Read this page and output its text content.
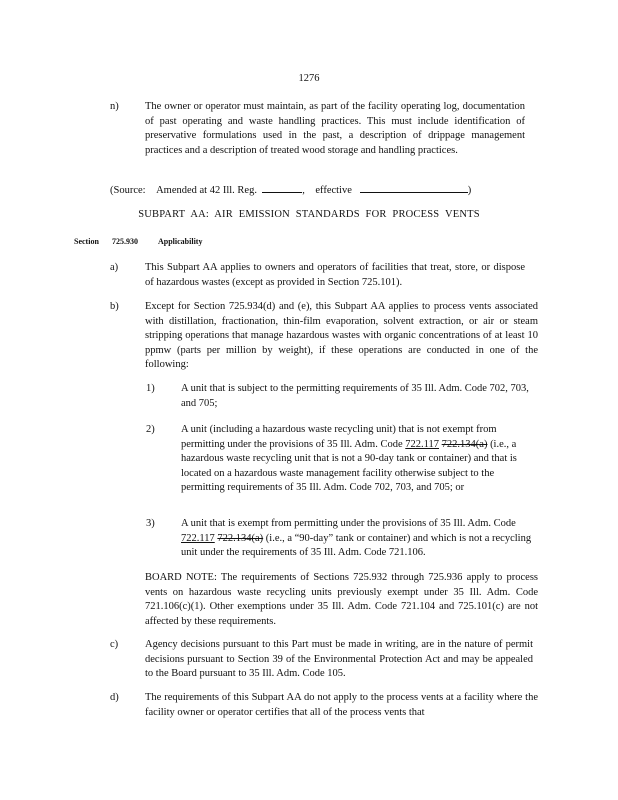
1276
n)	The owner or operator must maintain, as part of the facility operating log, documentation of past operating and waste handling practices. This must include identification of preservative formulations used in the past, a description of drippage management practices and a description of treated wood storage and handling practices.
(Source: Amended at 42 Ill. Reg.	, effective	)
SUBPART AA: AIR EMISSION STANDARDS FOR PROCESS VENTS
Section 725.930	Applicability
a)	This Subpart AA applies to owners and operators of facilities that treat, store, or dispose of hazardous wastes (except as provided in Section 725.101).
b)	Except for Section 725.934(d) and (e), this Subpart AA applies to process vents associated with distillation, fractionation, thin-film evaporation, solvent extraction, or air or steam stripping operations that manage hazardous wastes with organic concentrations of at least 10 ppmw (parts per million by weight), if these operations are conducted in one of the following:
1)	A unit that is subject to the permitting requirements of 35 Ill. Adm. Code 702, 703, and 705;
2)	A unit (including a hazardous waste recycling unit) that is not exempt from permitting under the provisions of 35 Ill. Adm. Code 722.117 722.134(a) (i.e., a hazardous waste recycling unit that is not a 90-day tank or container) and that is located on a hazardous waste management facility otherwise subject to the permitting requirements of 35 Ill. Adm. Code 702, 703, and 705; or
3)	A unit that is exempt from permitting under the provisions of 35 Ill. Adm. Code 722.117 722.134(a) (i.e., a “90-day” tank or container) and which is not a recycling unit under the requirements of 35 Ill. Adm. Code 721.106.
BOARD NOTE: The requirements of Sections 725.932 through 725.936 apply to process vents on hazardous waste recycling units previously exempt under 35 Ill. Adm. Code 721.106(c)(1). Other exemptions under 35 Ill. Adm. Code 721.104 and 725.101(c) are not affected by these requirements.
c)	Agency decisions pursuant to this Part must be made in writing, are in the nature of permit decisions pursuant to Section 39 of the Environmental Protection Act and may be appealed to the Board pursuant to 35 Ill. Adm. Code 105.
d)	The requirements of this Subpart AA do not apply to the process vents at a facility where the facility owner or operator certifies that all of the process vents that
